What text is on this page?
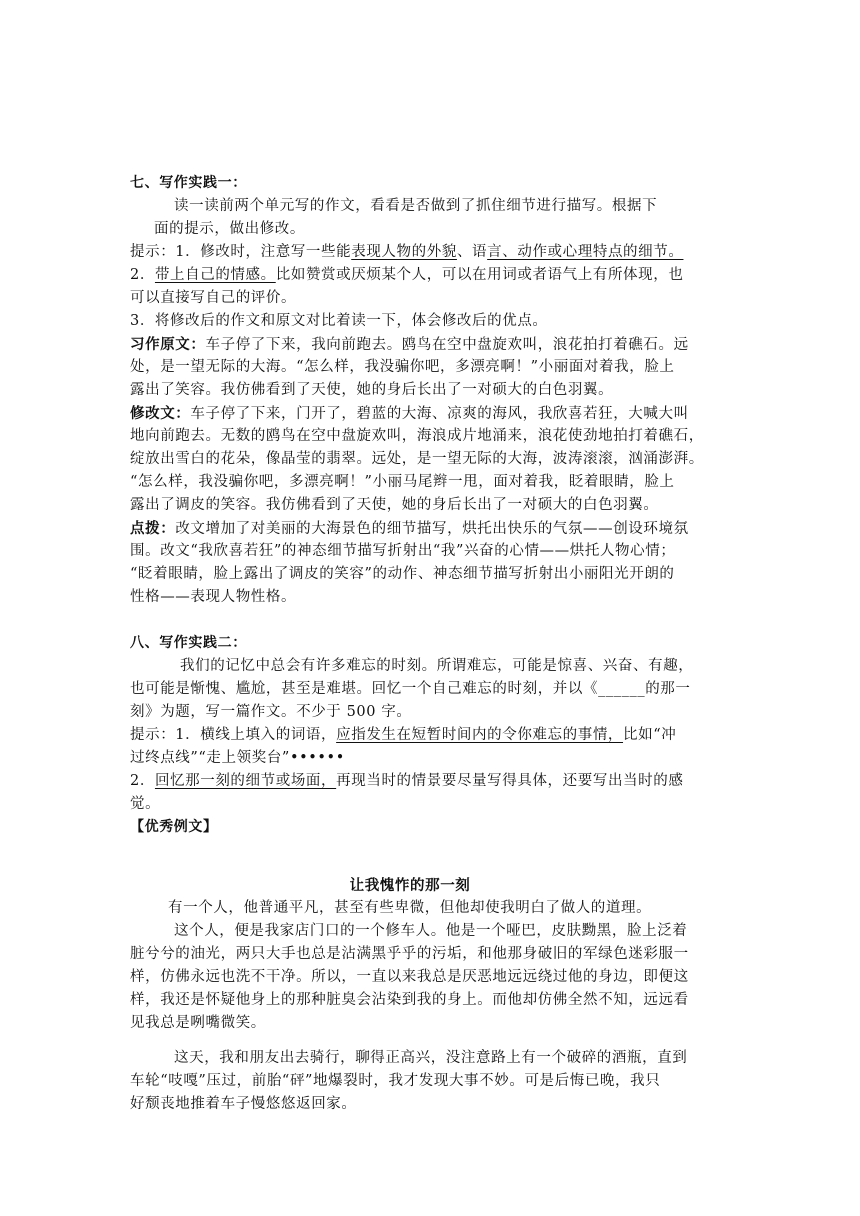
七、写作实践一：
读一读前两个单元写的作文，看看是否做到了抓住细节进行描写。根据下
面的提示，做出修改。
提示：1．修改时，注意写一些能表现人物的外貌、语言、动作或心理特点的细节。
2．带上自己的情感。比如赞赏或厌烦某个人，可以在用词或者语气上有所体现，也
可以直接写自己的评价。
3．将修改后的作文和原文对比着读一下，体会修改后的优点。
习作原文：车子停了下来，我向前跑去。鸥鸟在空中盘旋欢叫，浪花拍打着礁石。远
处，是一望无际的大海。“怎么样，我没骗你吧，多漂亮啊！”小丽面对着我，脸上
露出了笑容。我仿佛看到了天使，她的身后长出了一对硕大的白色羽翼。
修改文：车子停了下来，门开了，碧蓝的大海、凉爽的海风，我欣喜若狂，大喊大叫
地向前跑去。无数的鸥鸟在空中盘旋欢叫，海浪成片地涌来，浪花使劲地拍打着礁石，
绽放出雪白的花朵，像晶莹的翡翠。远处，是一望无际的大海，波涛滚滚，汹涌澎湃。
“怎么样，我没骗你吧，多漂亮啊！”小丽马尾辫一甩，面对着我，眨着眼睛，脸上
露出了调皮的笑容。我仿佛看到了天使，她的身后长出了一对硕大的白色羽翼。
点拨：改文增加了对美丽的大海景色的细节描写，烘托出快乐的气氛——创设环境氛
围。改文“我欣喜若狂”的神态细节描写折射出“我”兴奋的心情——烘托人物心情；
“眨着眼睛，脸上露出了调皮的笑容”的动作、神态细节描写折射出小丽阳光开朗的
性格——表现人物性格。
八、写作实践二：
我们的记忆中总会有许多难忘的时刻。所谓难忘，可能是惊喜、兴奋、有趣，
也可能是惭愧、尴尬，甚至是难堪。回忆一个自己难忘的时刻，并以《______的那一
刻》为题，写一篇作文。不少于 500 字。
提示：1．横线上填入的词语，应指发生在短暂时间内的令你难忘的事情，比如“冲
过终点线”“走上领奖台”••••••
2．回忆那一刻的细节或场面，再现当时的情景要尽量写得具体，还要写出当时的感
觉。
【优秀例文】
让我愧怍的那一刻
有一个人，他普通平凡，甚至有些卑微，但他却使我明白了做人的道理。
这个人，便是我家店门口的一个修车人。他是一个哑巴，皮肤黝黑，脸上泛着
脏兮兮的油光，两只大手也总是沾满黑乎乎的污垢，和他那身破旧的军绿色迷彩服一
样，仿佛永远也洗不干净。所以，一直以来我总是厌恶地远远绕过他的身边，即便这
样，我还是怀疑他身上的那种脏臭会沾染到我的身上。而他却仿佛全然不知，远远看
见我总是咧嘴微笑。
这天，我和朋友出去骑行，聊得正高兴，没注意路上有一个破碎的酒瓶，直到
车轮“吱嘎”压过，前胎“砰”地爆裂时，我才发现大事不妙。可是后悔已晚，我只
好颓丧地推着车子慢悠悠返回家。
